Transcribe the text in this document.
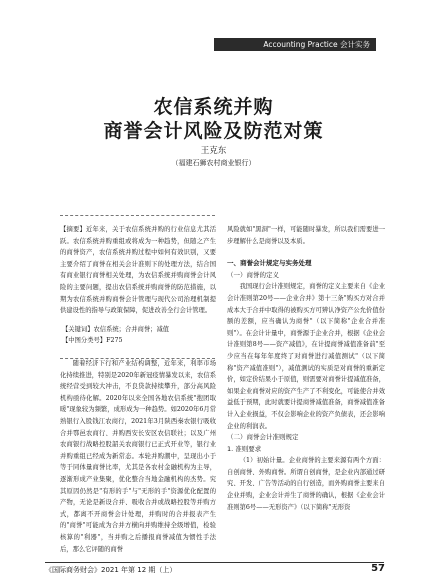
Accounting Practice 会计实务
农信系统并购
商誉会计风险及防范对策
王克东
（福建石狮农村商业银行）

【摘要】近年来，关于农信系统并购的行业信息尤其活跃。农信系统并购重组或将成为一种趋势，但随之产生的商誉资产，农信系统并购过程中如何有效识别，又要主要介绍了商誉在相关会计准则下的处理方法，结合国有商业银行商誉相关处理，为农信系统并购商誉会计风险的主要问题，提出农信系统并购商誉的防范措施，以期为农信系统并购商誉会计管理与现代公司治理机制提供建设性的指导与政策保障，促进改善全行会计管理。

【关键词】农信系统；合并商誉；减值
【中图分类号】F275

随着经济下行和产业结构调整，近年来，利率市场化持续推进，特别是2020年新冠疫情暴发以来，农信系统经营受到较大冲击，不良贷款持续攀升，部分高风险机构亟待化解。2020年以来全国各地农信系统"抱团取暖"现象较为频繁，成形成为一种趋势。如2020年6月常熟银行入股钱江农商行，2021年3月陕西秦农银行吸收合并鄠邑农商行、并购西安长安区农信联社；以及广州农商银行战略控股韶关农商银行已正式开业等，银行业并购重组已经成为新常态。本轮并购潮中，呈现出小于等于同体量商誉比率，尤其是各农村金融机构为主导，逐渐形成产业集聚，优化整合当地金融机构的杰势。究其原因仍然是"有形的手"与"无形的手"资源优化配置的产物，无论是新设合并、吸收合并或战略控股等并购方式，都离不开商誉会计处理，并购时的合并报表产生的"商誉"可能成为合并方横向并购维持全级增值，检验核算的"利器"，当并购之后播报商誉减值为惯性手法后，那么它评随的商誉

风险就如"黑洞"一样，可能随时暴发，所以我们需要进一步理解什么是商誉以及本质。

一、商誉会计规定与实务处理
（一）商誉的定义

我国现行会计准则规定，商誉的定义主要来自《企业会计准则第20号——企业合并》第十三条"购买方对合并成本大于合并中取得的被购买方可辨认净资产公允价值份额的差额，应当确认为商誉"（以下简称"企业合并准则"）。在会计计量中，商誉源于企业合并，根据《企业会计准则第8号——资产减值》，在计提商誉减值准备前"至少应当在每年年度终了对商誉进行减值测试"（以下简称"资产减值准则"），减值测试的实质是对商誉的重新定价，如定价结果小于原值，则需要对商誉计提减值准备，如果企业商誉对应的资产生产了不利变化，可能使合并效益低于预期，此时就要计提商誉减值准备，商誉减值准备计入企业损益，不仅会影响企业的资产负债表，还会影响企业的利润表。

（二）商誉会计准则规定
1. 准则要求

（1）初始计量。企业商誉的主要来源有两个方面：自创商誉、外购商誉。所谓自创商誉，是企业内部通过研究、开发、广告等活动的自行创造，而外购商誉主要来自企业并购，企业会计并生了商誉的确认，根据《企业会计准则第6号——无形资产》（以下简称"无形资

《国际商务财会》2021 年第 12 期（上）	57
